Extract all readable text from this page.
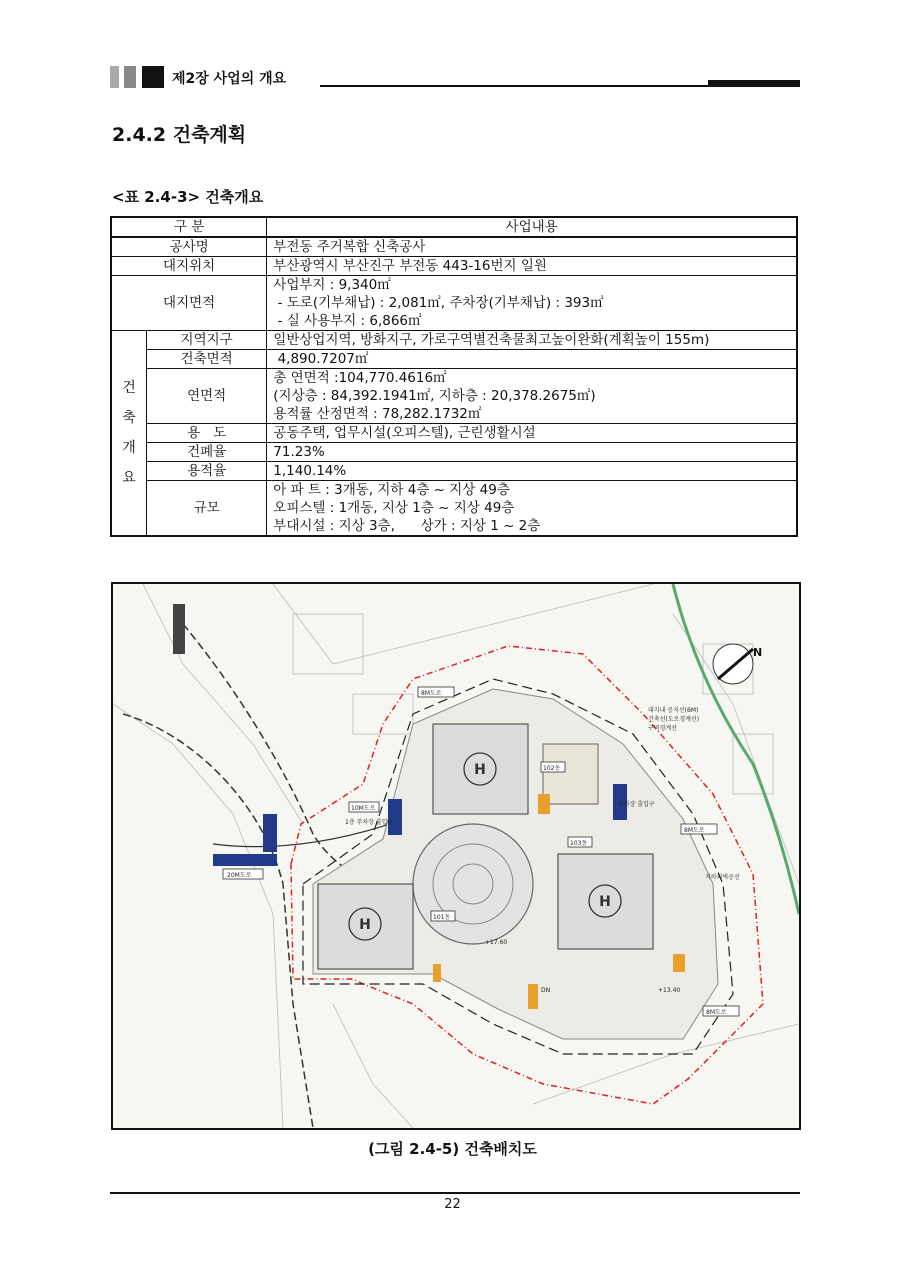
제2장 사업의 개요
2.4.2 건축계획
<표 2.4-3> 건축개요
구 분		사업내용
공사명		부전동 주거복합 신축공사
대지위치		부산광역시 부산진구 부전동 443-16번지 일원
대지면적		사업부지 : 9,340㎡
		- 도로(기부채납) : 2,081㎡, 주차장(기부채납) : 393㎡
		- 실 사용부지 : 6,866㎡

건
축
개
요	지역지구	일반상업지역, 방화지구, 가로구역별건축물최고높이완화(계획높이 155m)
	건축면적	4,890.7207㎡
	연면적	총 연면적 :104,770.4616㎡
		(지상층 : 84,392.1941㎡, 지하층 : 20,378.2675㎡)
		용적률 산정면적 : 78,282.1732㎡
	용   도	공동주택, 업무시설(오피스텔), 근린생활시설
	건폐율	71.23%
	용적율	1,140.14%
	규모	아 파 트 : 3개동, 지하 4층 ~ 지상 49층
		오피스텔 : 1개동, 지상 1층 ~ 지상 49층
		부대시설 : 지상 3층,      상가 : 지상 1 ~ 2층
H
H
H
8M도로
8M도로
8M도로
10M도로
20M도로
102동
103동
101동
1층 주차장 출입구
주차장 출입구
+17.60
+13.40
DN
대지내 공지선(6M)
건축선(도로경계선)
구역경계선
지하외벽공선
N
(그림 2.4-5) 건축배치도
22
